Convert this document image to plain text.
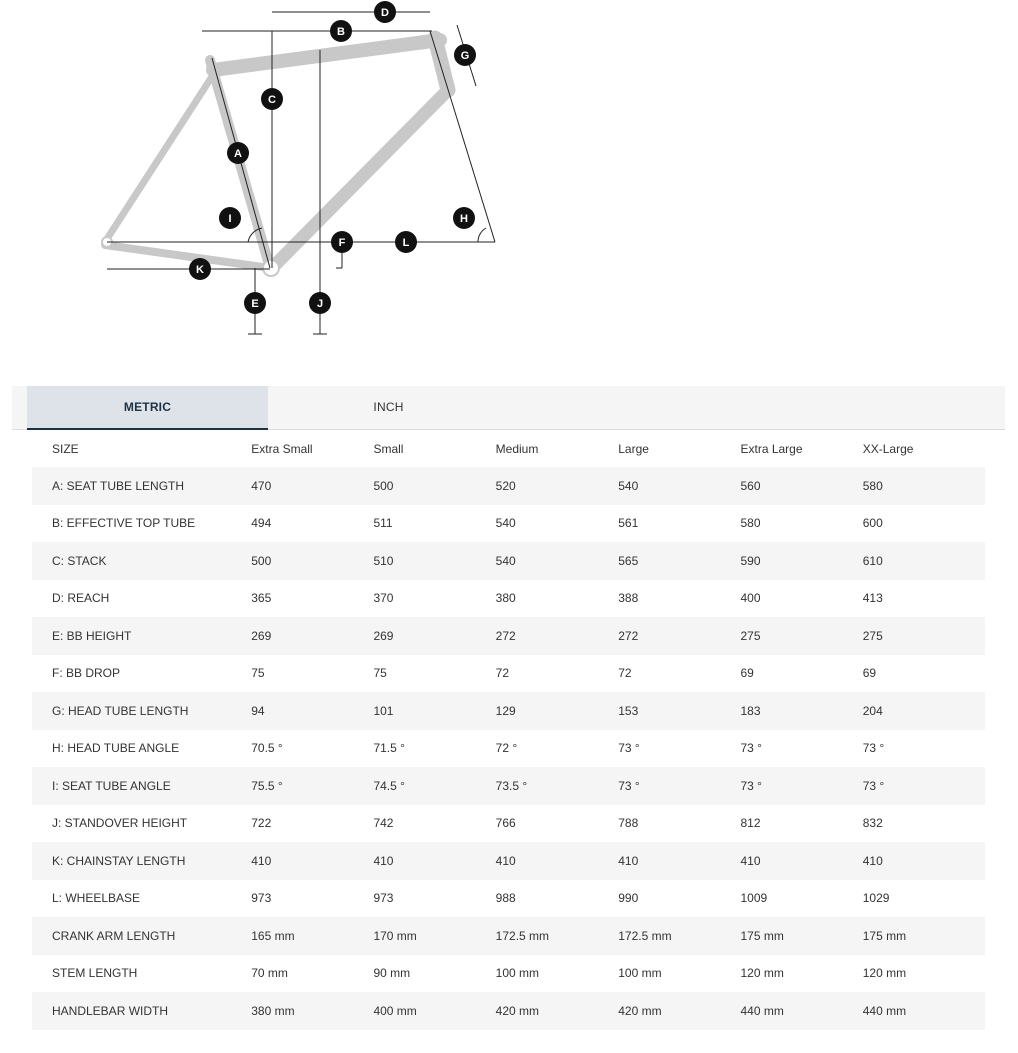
A
B
C
D
E
F
G
H
I
J
K
L
METRIC	INCH
SIZE	Extra Small	Small	Medium	Large	Extra Large	XX-Large
A: SEAT TUBE LENGTH	470	500	520	540	560	580
B: EFFECTIVE TOP TUBE	494	511	540	561	580	600
C: STACK	500	510	540	565	590	610
D: REACH	365	370	380	388	400	413
E: BB HEIGHT	269	269	272	272	275	275
F: BB DROP	75	75	72	72	69	69
G: HEAD TUBE LENGTH	94	101	129	153	183	204
H: HEAD TUBE ANGLE	70.5 °	71.5 °	72 °	73 °	73 °	73 °
I: SEAT TUBE ANGLE	75.5 °	74.5 °	73.5 °	73 °	73 °	73 °
J: STANDOVER HEIGHT	722	742	766	788	812	832
K: CHAINSTAY LENGTH	410	410	410	410	410	410
L: WHEELBASE	973	973	988	990	1009	1029
CRANK ARM LENGTH	165 mm	170 mm	172.5 mm	172.5 mm	175 mm	175 mm
STEM LENGTH	70 mm	90 mm	100 mm	100 mm	120 mm	120 mm
HANDLEBAR WIDTH	380 mm	400 mm	420 mm	420 mm	440 mm	440 mm
